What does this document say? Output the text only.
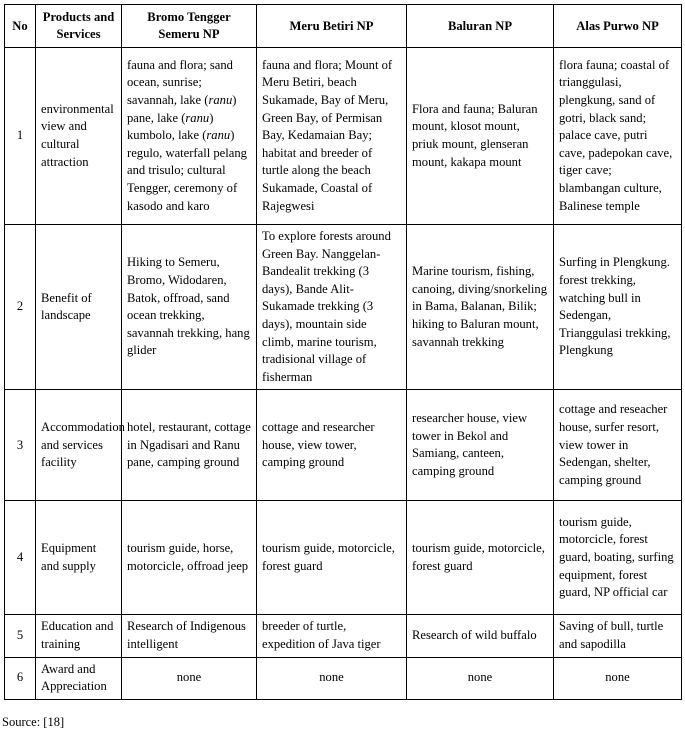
No	Products and Services	Bromo Tengger Semeru NP	Meru Betiri NP	Baluran NP	Alas Purwo NP
1	environmental view and cultural attraction	fauna and flora; sand ocean, sunrise; savannah, lake (ranu) pane, lake (ranu) kumbolo, lake (ranu) regulo, waterfall pelang and trisulo; cultural Tengger, ceremony of kasodo and karo	fauna and flora; Mount of Meru Betiri, beach Sukamade, Bay of Meru, Green Bay, of Permisan Bay, Kedamaian Bay; habitat and breeder of turtle along the beach Sukamade, Coastal of Rajegwesi	Flora and fauna; Baluran mount, klosot mount, priuk mount, glenseran mount, kakapa mount	flora fauna; coastal of trianggulasi, plengkung, sand of gotri, black sand; palace cave, putri cave, padepokan cave, tiger cave; blambangan culture, Balinese temple
2	Benefit of landscape	Hiking to Semeru, Bromo, Widodaren, Batok, offroad, sand ocean trekking, savannah trekking, hang glider	To explore forests around Green Bay. Nanggelan-Bandealit trekking (3 days), Bande Alit-Sukamade trekking (3 days), mountain side climb, marine tourism, tradisional village of fisherman	Marine tourism, fishing, canoing, diving/snorkeling in Bama, Balanan, Bilik; hiking to Baluran mount, savannah trekking	Surfing in Plengkung. forest trekking, watching bull in Sedengan, Trianggulasi trekking, Plengkung
3	Accommodation and services facility	hotel, restaurant, cottage in Ngadisari and Ranu pane, camping ground	cottage and researcher house, view tower, camping ground	researcher house, view tower in Bekol and Samiang, canteen, camping ground	cottage and reseacher house, surfer resort, view tower in Sedengan, shelter, camping ground
4	Equipment and supply	tourism guide, horse, motorcicle, offroad jeep	tourism guide, motorcicle, forest guard	tourism guide, motorcicle, forest guard	tourism guide, motorcicle, forest guard, boating, surfing equipment, forest guard, NP official car
5	Education and training	Research of Indigenous intelligent	breeder of turtle, expedition of Java tiger	Research of wild buffalo	Saving of bull, turtle and sapodilla
6	Award and Appreciation	none	none	none	none
Source: [18]
